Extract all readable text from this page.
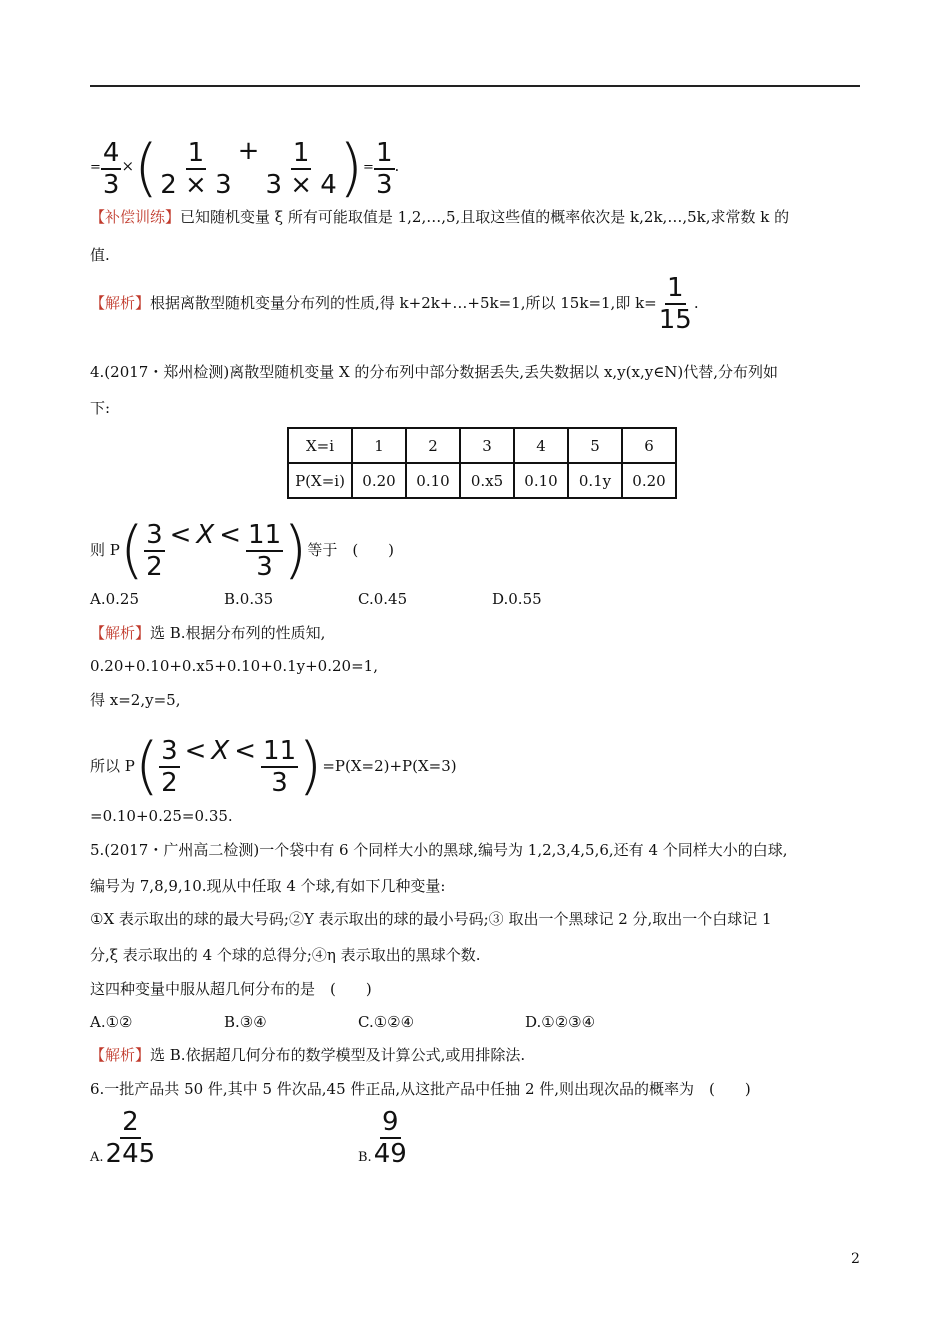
= $\frac{4}{3}$ ×( $\frac{1}{2 \times 3} + \frac{1}{3 \times 4}$ )= $\frac{1}{3}$ .
【补偿训练】已知随机变量 ξ 所有可能取值是 1,2,…,5,且取这些值的概率依次是 k,2k,…,5k,求常数 k 的
值.
【解析】根据离散型随机变量分布列的性质,得 k+2k+…+5k=1,所以 15k=1,即 $k= \frac{1}{15}$ .
4.(2017・郑州检测)离散型随机变量 X 的分布列中部分数据丢失,丢失数据以 x,y(x,y∈N)代替,分布列如
下:
X=i	1	2	3	4	5	6
P(X=i)	0.20	0.10	0.x5	0.10	0.1y	0.20
则 $P( \frac{3}{2} < X < \frac{11}{3}$ )等于　(　　)
A.0.25	B.0.35	C.0.45	D.0.55
【解析】选 B.根据分布列的性质知,
0.20+0.10+0.x5+0.10+0.1y+0.20=1,
得 x=2,y=5,
所以 $P( \frac{3}{2} < X < \frac{11}{3} )=P(X=2)+P(X=3)$
=0.10+0.25=0.35.
5.(2017・广州高二检测)一个袋中有 6 个同样大小的黑球,编号为 1,2,3,4,5,6,还有 4 个同样大小的白球,
编号为 7,8,9,10.现从中任取 4 个球,有如下几种变量:
①X 表示取出的球的最大号码;②Y 表示取出的球的最小号码;③ 取出一个黑球记 2 分,取出一个白球记 1
分,ξ 表示取出的 4 个球的总得分;④η 表示取出的黑球个数.
这四种变量中服从超几何分布的是　(　　)
A.①②	B.③④	C.①②④	D.①②③④
【解析】选 B.依据超几何分布的数学模型及计算公式,或用排除法.
6.一批产品共 50 件,其中 5 件次品,45 件正品,从这批产品中任抽 2 件,则出现次品的概率为　(　　)
A. $\frac{2}{245}$	B. $\frac{9}{49}$
2
